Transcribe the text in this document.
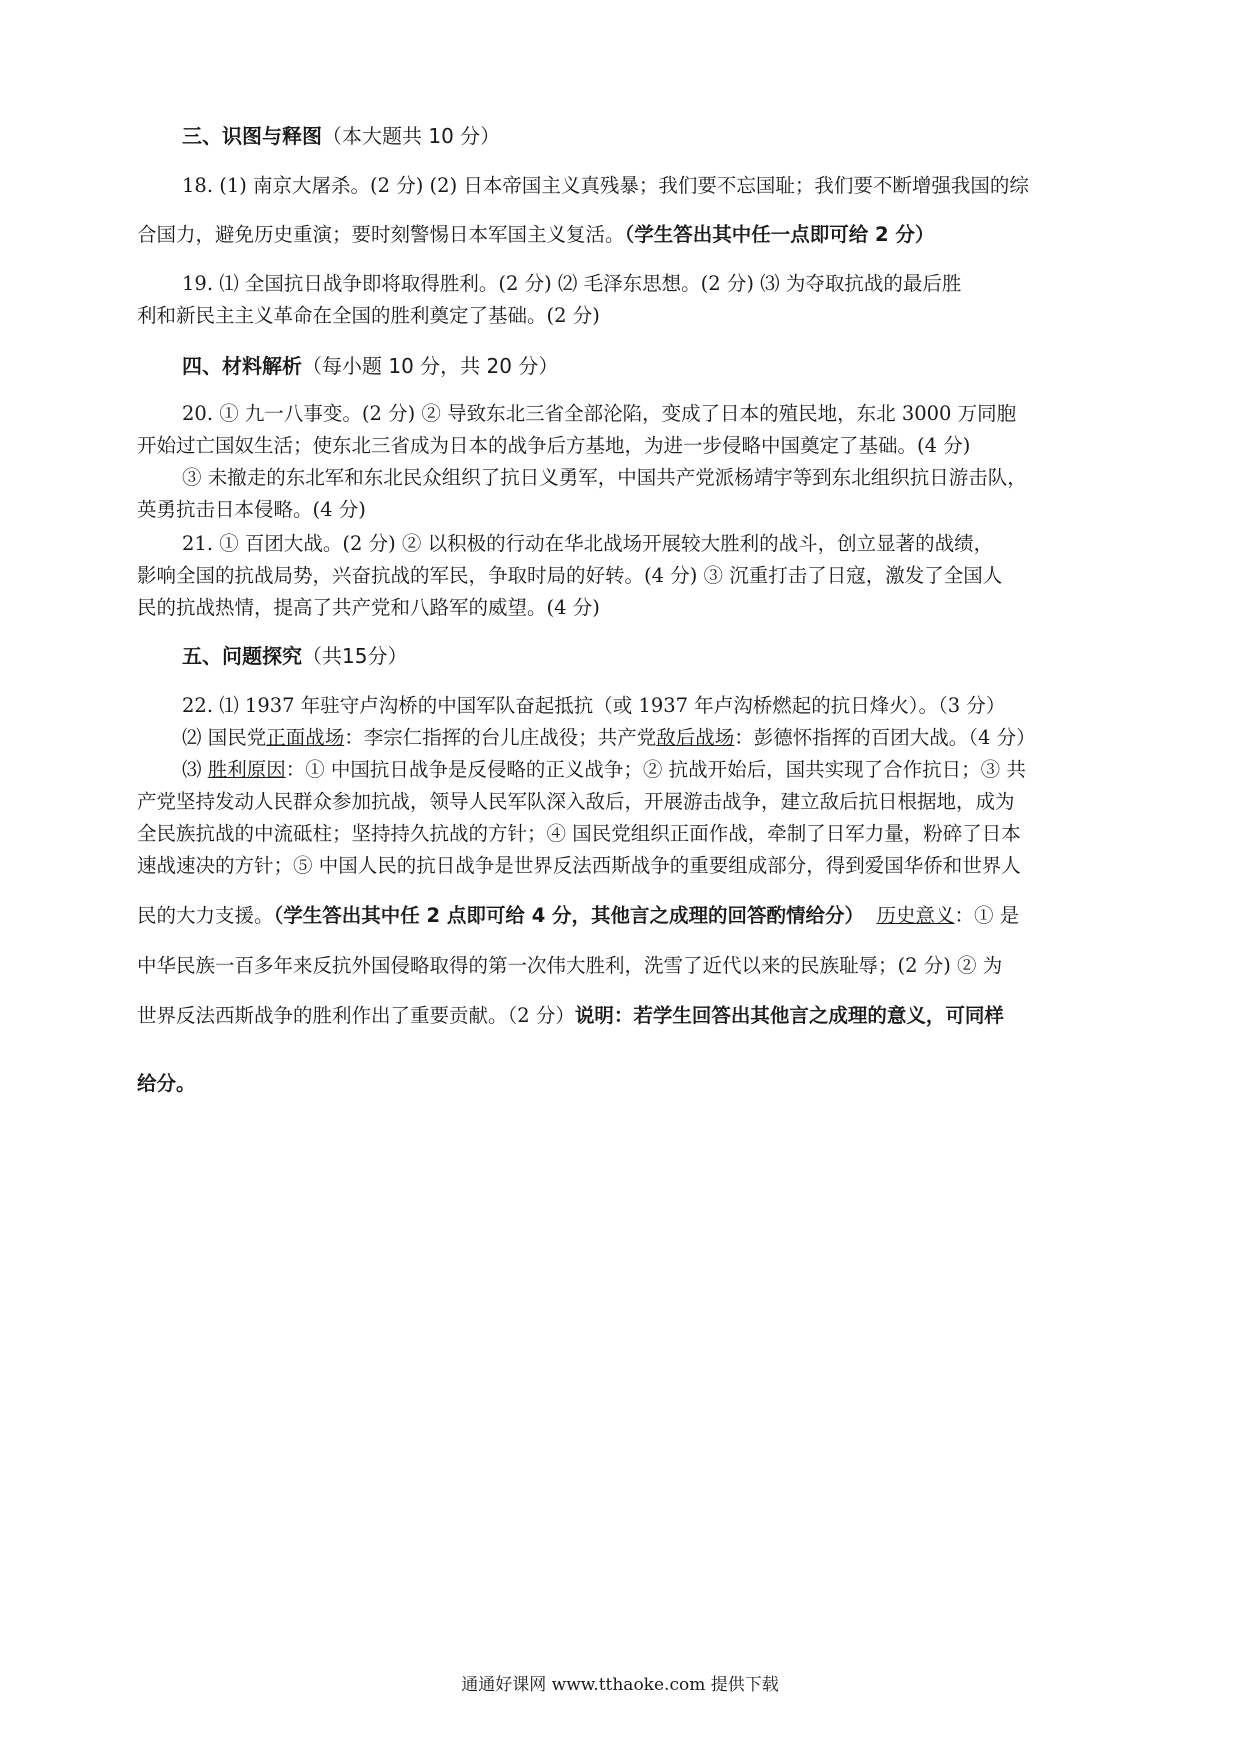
三、识图与释图（本大题共 10 分）
18. (1) 南京大屠杀。(2 分) (2) 日本帝国主义真残暴；我们要不忘国耻；我们要不断增强我国的综
合国力，避免历史重演；要时刻警惕日本军国主义复活。（学生答出其中任一点即可给 2 分）
19. ⑴ 全国抗日战争即将取得胜利。(2 分) ⑵ 毛泽东思想。(2 分) ⑶ 为夺取抗战的最后胜
利和新民主主义革命在全国的胜利奠定了基础。(2 分)
四、材料解析（每小题 10 分，共 20 分）
20. ① 九一八事变。(2 分) ② 导致东北三省全部沦陷，变成了日本的殖民地，东北 3000 万同胞
开始过亡国奴生活；使东北三省成为日本的战争后方基地，为进一步侵略中国奠定了基础。(4 分)
③ 未撤走的东北军和东北民众组织了抗日义勇军，中国共产党派杨靖宇等到东北组织抗日游击队，
英勇抗击日本侵略。(4 分)
21. ① 百团大战。(2 分) ② 以积极的行动在华北战场开展较大胜利的战斗，创立显著的战绩，
影响全国的抗战局势，兴奋抗战的军民，争取时局的好转。(4 分) ③ 沉重打击了日寇，激发了全国人
民的抗战热情，提高了共产党和八路军的威望。(4 分)
五、问题探究（共15分）
22. ⑴ 1937 年驻守卢沟桥的中国军队奋起抵抗（或 1937 年卢沟桥燃起的抗日烽火）。（3 分）
⑵ 国民党正面战场：李宗仁指挥的台儿庄战役；共产党敌后战场：彭德怀指挥的百团大战。（4 分）
⑶ 胜利原因：① 中国抗日战争是反侵略的正义战争；② 抗战开始后，国共实现了合作抗日；③ 共
产党坚持发动人民群众参加抗战，领导人民军队深入敌后，开展游击战争，建立敌后抗日根据地，成为
全民族抗战的中流砥柱；坚持持久抗战的方针；④ 国民党组织正面作战，牵制了日军力量，粉碎了日本
速战速决的方针；⑤ 中国人民的抗日战争是世界反法西斯战争的重要组成部分，得到爱国华侨和世界人
民的大力支援。（学生答出其中任 2 点即可给 4 分，其他言之成理的回答酌情给分） 历史意义：① 是
中华民族一百多年来反抗外国侵略取得的第一次伟大胜利，洗雪了近代以来的民族耻辱；(2 分) ② 为
世界反法西斯战争的胜利作出了重要贡献。（2 分）说明：若学生回答出其他言之成理的意义，可同样
给分。
通通好课网 www.tthaoke.com 提供下载
